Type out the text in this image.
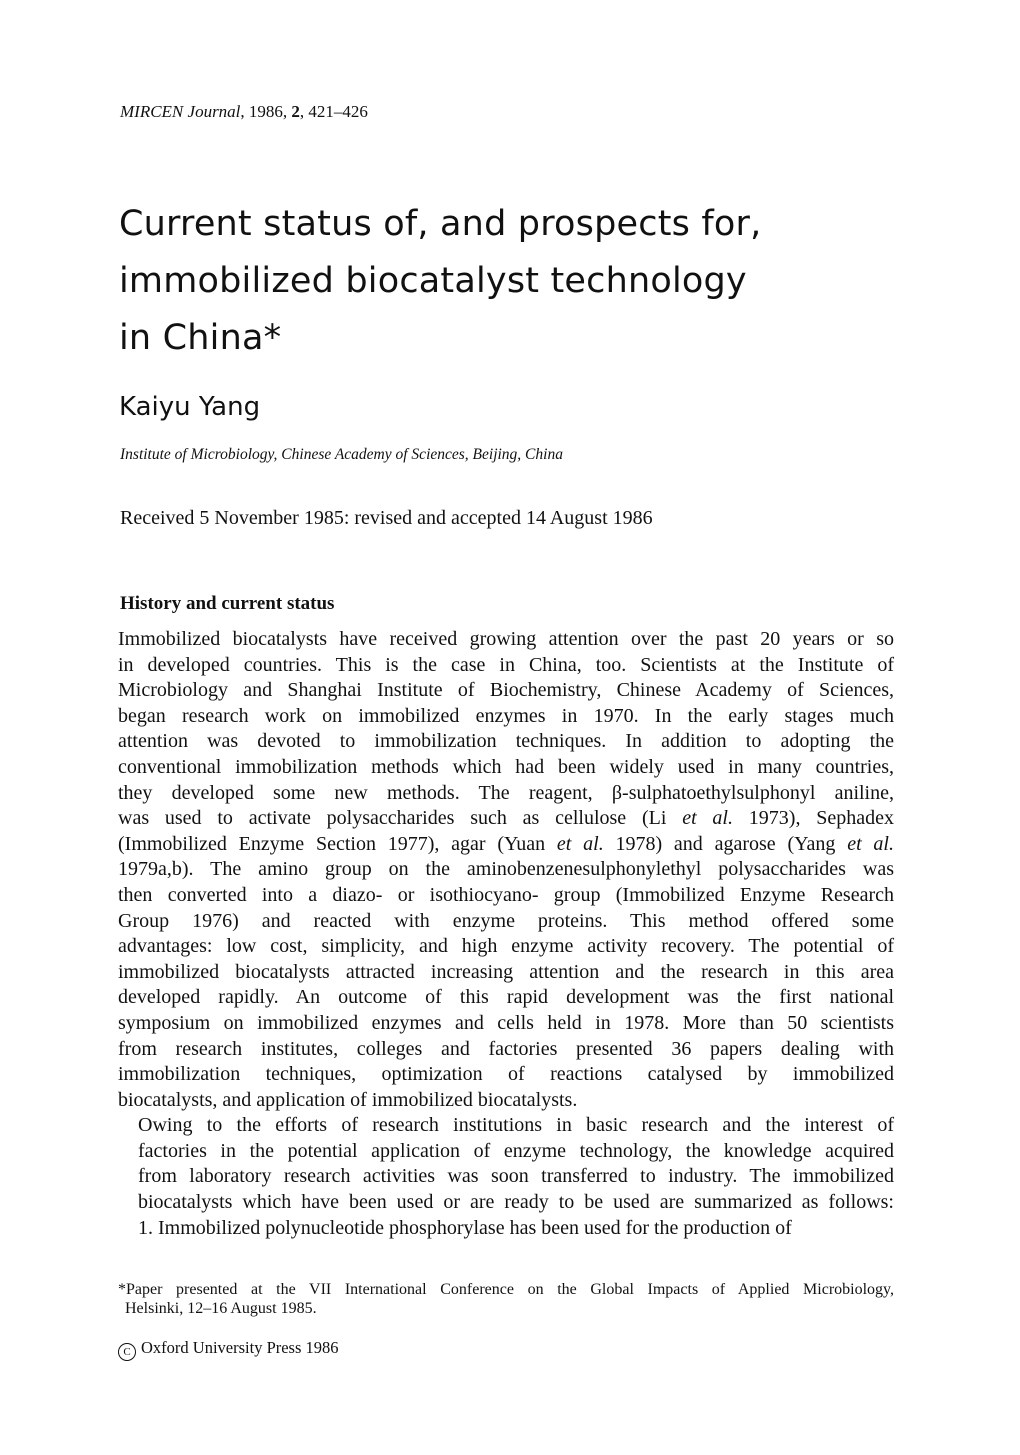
MIRCEN Journal, 1986, 2, 421–426
Current status of, and prospects for,
immobilized biocatalyst technology
in China*
Kaiyu Yang
Institute of Microbiology, Chinese Academy of Sciences, Beijing, China
Received 5 November 1985: revised and accepted 14 August 1986
History and current status

Immobilized biocatalysts have received growing attention over the past 20 years or so
in developed countries. This is the case in China, too. Scientists at the Institute of
Microbiology and Shanghai Institute of Biochemistry, Chinese Academy of Sciences,
began research work on immobilized enzymes in 1970. In the early stages much
attention was devoted to immobilization techniques. In addition to adopting the
conventional immobilization methods which had been widely used in many countries,
they developed some new methods. The reagent, β-sulphatoethylsulphonyl aniline,
was used to activate polysaccharides such as cellulose (Li et al. 1973), Sephadex
(Immobilized Enzyme Section 1977), agar (Yuan et al. 1978) and agarose (Yang et al.
1979a,b). The amino group on the aminobenzenesulphonylethyl polysaccharides was
then converted into a diazo- or isothiocyano- group (Immobilized Enzyme Research
Group 1976) and reacted with enzyme proteins. This method offered some
advantages: low cost, simplicity, and high enzyme activity recovery. The potential of
immobilized biocatalysts attracted increasing attention and the research in this area
developed rapidly. An outcome of this rapid development was the first national
symposium on immobilized enzymes and cells held in 1978. More than 50 scientists
from research institutes, colleges and factories presented 36 papers dealing with
immobilization techniques, optimization of reactions catalysed by immobilized
biocatalysts, and application of immobilized biocatalysts.

Owing to the efforts of research institutions in basic research and the interest of
factories in the potential application of enzyme technology, the knowledge acquired
from laboratory research activities was soon transferred to industry. The immobilized
biocatalysts which have been used or are ready to be used are summarized as follows:
1. Immobilized polynucleotide phosphorylase has been used for the production of

*Paper presented at the VII International Conference on the Global Impacts of Applied Microbiology,
Helsinki, 12–16 August 1985.
C Oxford University Press 1986
